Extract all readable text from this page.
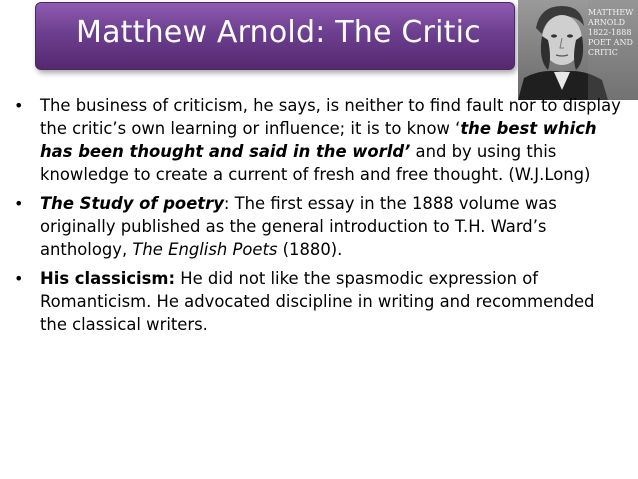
Matthew Arnold: The Critic
MATTHEW
ARNOLD
1822-1888
POET AND
CRITIC
• The business of criticism, he says, is neither to find fault nor to display the critic’s own learning or influence; it is to know ‘the best which has been thought and said in the world’ and by using this knowledge to create a current of fresh and free thought. (W.J.Long)
• The Study of poetry: The first essay in the 1888 volume was originally published as the general introduction to T.H. Ward’s anthology, The English Poets (1880).
• His classicism: He did not like the spasmodic expression of Romanticism. He advocated discipline in writing and recommended the classical writers.
